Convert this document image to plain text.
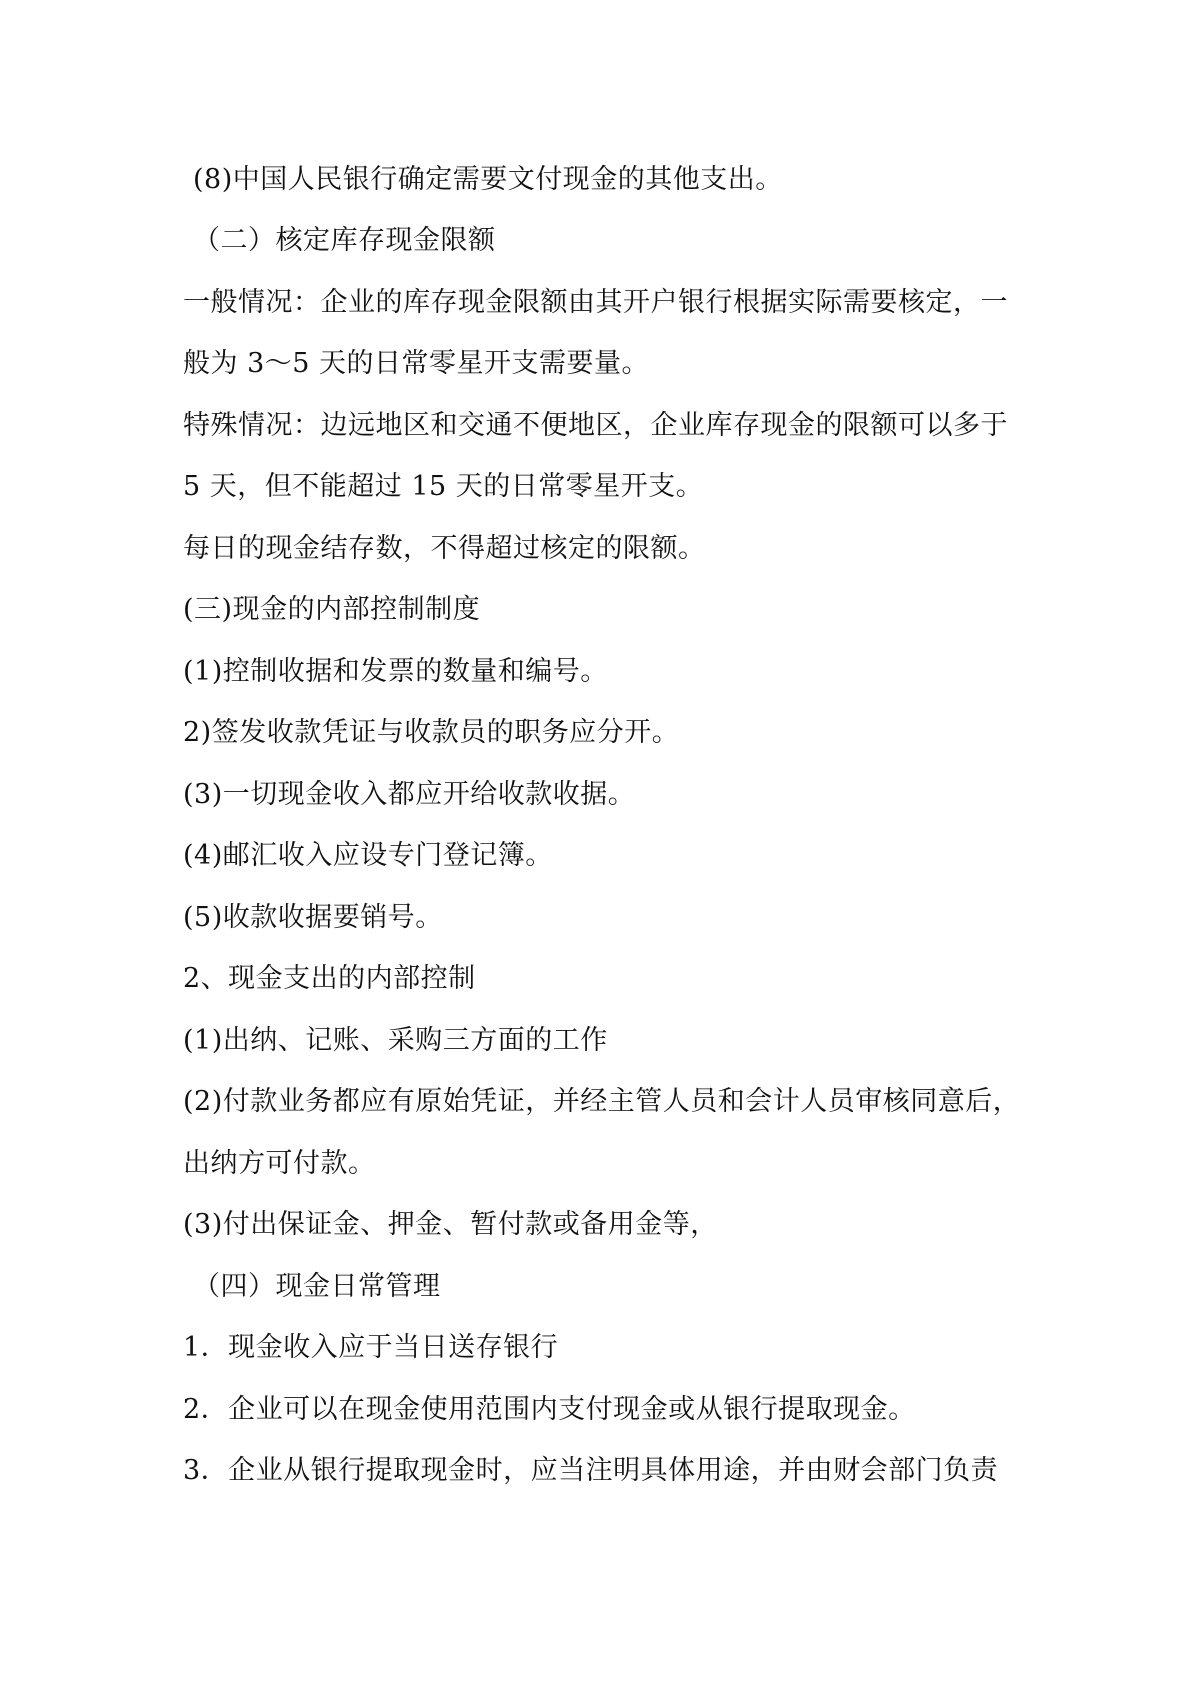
(8)中国人民银行确定需要文付现金的其他支出。
（二）核定库存现金限额
一般情况：企业的库存现金限额由其开户银行根据实际需要核定，一
般为 3～5 天的日常零星开支需要量。
特殊情况：边远地区和交通不便地区，企业库存现金的限额可以多于
5 天，但不能超过 15 天的日常零星开支。
每日的现金结存数，不得超过核定的限额。
(三)现金的内部控制制度
(1)控制收据和发票的数量和编号。
2)签发收款凭证与收款员的职务应分开。
(3)一切现金收入都应开给收款收据。
(4)邮汇收入应设专门登记簿。
(5)收款收据要销号。
2、现金支出的内部控制
(1)出纳、记账、采购三方面的工作
(2)付款业务都应有原始凭证，并经主管人员和会计人员审核同意后，
出纳方可付款。
(3)付出保证金、押金、暂付款或备用金等，
（四）现金日常管理
1．现金收入应于当日送存银行
2．企业可以在现金使用范围内支付现金或从银行提取现金。
3．企业从银行提取现金时，应当注明具体用途，并由财会部门负责
